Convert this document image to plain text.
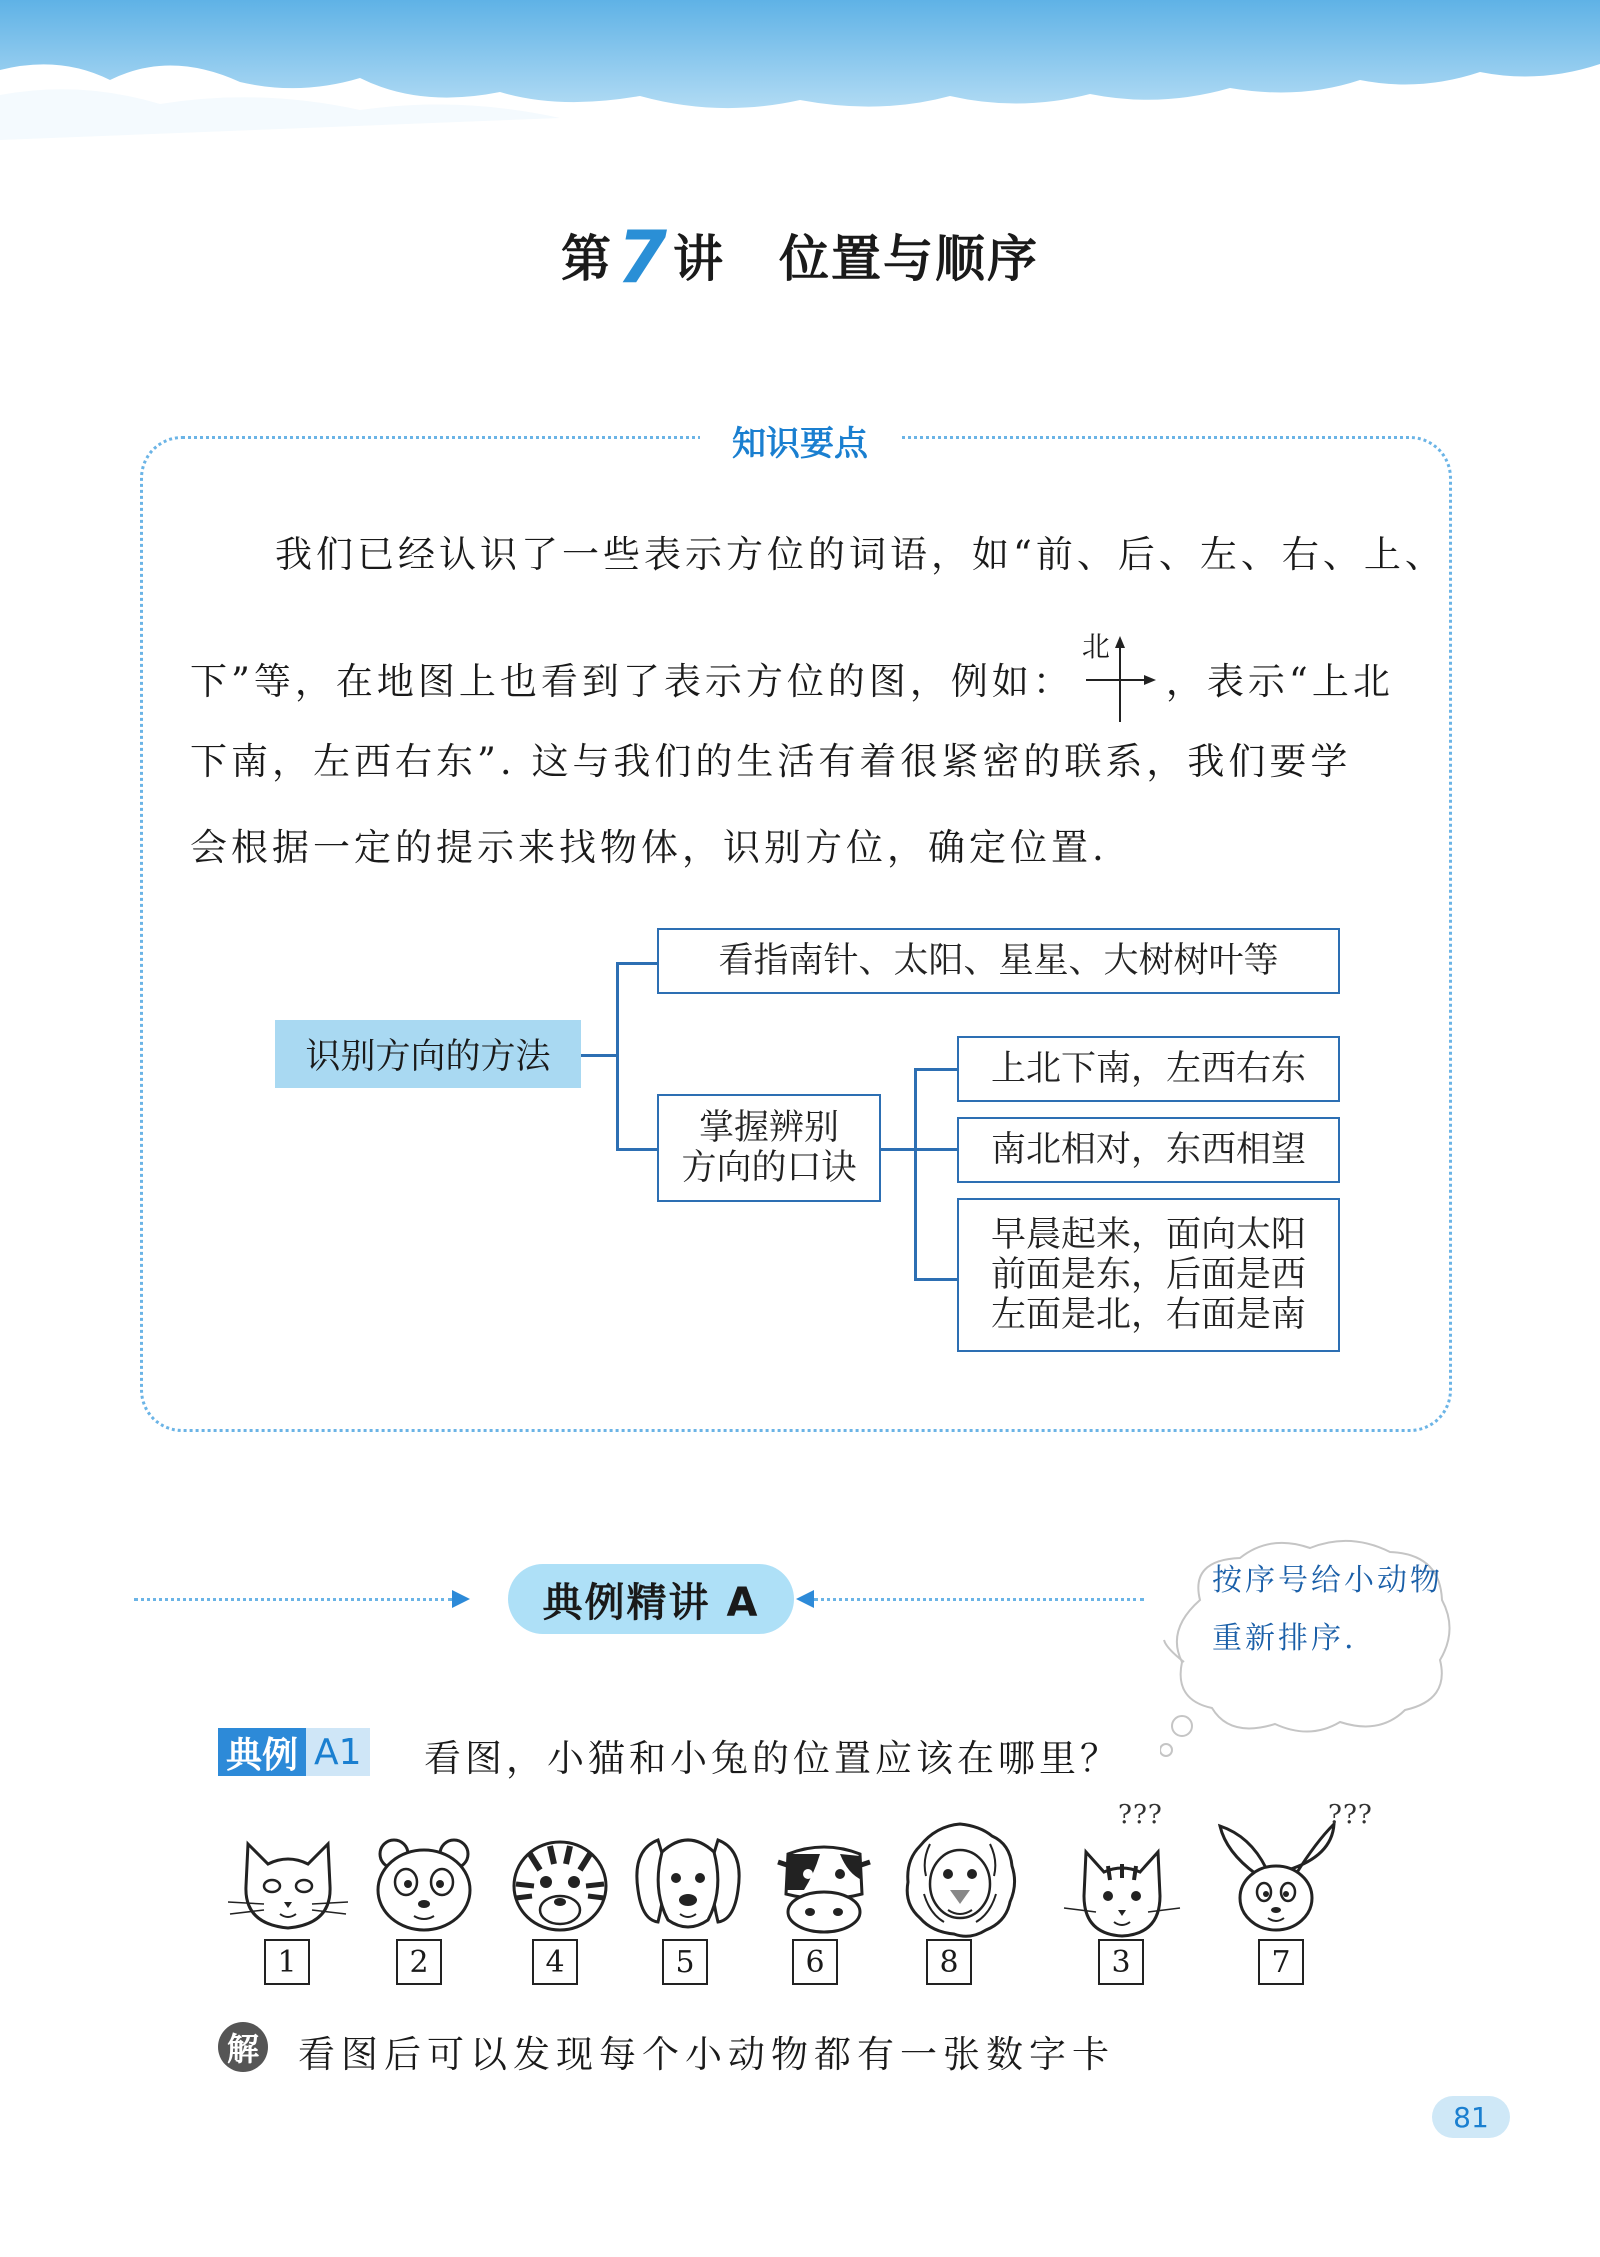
第7讲 位置与顺序
知识要点
我们已经认识了一些表示方位的词语，如“前、后、左、右、上、
下”等，在地图上也看到了表示方位的图，例如：
北
，表示“上北
下南，左西右东”. 这与我们的生活有着很紧密的联系，我们要学
会根据一定的提示来找物体，识别方位，确定位置.
识别方向的方法
看指南针、太阳、星星、大树树叶等
掌握辨别
方向的口诀
上北下南，左西右东
南北相对，东西相望
早晨起来，面向太阳
前面是东，后面是西
左面是北，右面是南
典例精讲 A	按序号给小动物
重新排序.
典例 A1 看图，小猫和小兔的位置应该在哪里？
???	???
1	2	4	5	6	8	3	7
解 看图后可以发现每个小动物都有一张数字卡
81
